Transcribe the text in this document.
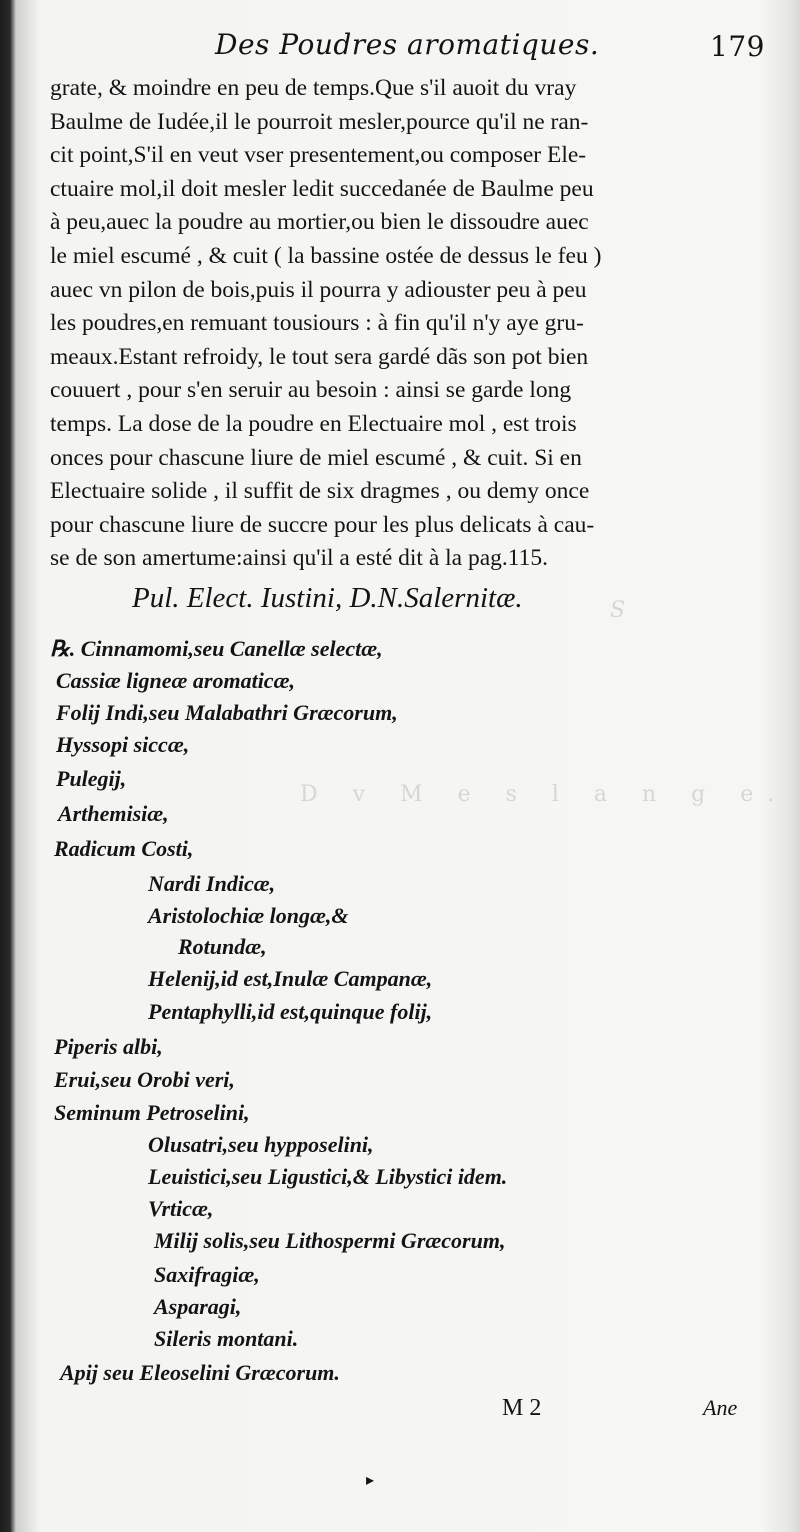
S
D v M e s l a n g e.
Des Poudres aromatiques.	179
grate, & moindre en peu de temps.Que s'il auoit du vray
Baulme de Iudée,il le pourroit mesler,pource qu'il ne ran-
cit point,S'il en veut vser presentement,ou composer Ele-
ctuaire mol,il doit mesler ledit succedanée de Baulme peu
à peu,auec la poudre au mortier,ou bien le dissoudre auec
le miel escumé , & cuit ( la bassine ostée de dessus le feu )
auec vn pilon de bois,puis il pourra y adiouster peu à peu
les poudres,en remuant tousiours : à fin qu'il n'y aye gru-
meaux.Estant refroidy, le tout sera gardé dãs son pot bien
couuert , pour s'en seruir au besoin : ainsi se garde long
temps. La dose de la poudre en Electuaire mol , est trois
onces pour chascune liure de miel escumé , & cuit. Si en
Electuaire solide , il suffit de six dragmes , ou demy once
pour chascune liure de succre pour les plus delicats à cau-
se de son amertume:ainsi qu'il a esté dit à la pag.115.
Pul. Elect. Iustini, D.N.Salernitæ.
℞. Cinnamomi,seu Canellæ selectæ,
Cassiæ ligneæ aromaticæ,
Folij Indi,seu Malabathri Græcorum,
Hyssopi siccæ,
Pulegij,
Arthemisiæ,
Radicum Costi,
Nardi Indicæ,
Aristolochiæ longæ,&
Rotundæ,
Helenij,id est,Inulæ Campanæ,
Pentaphylli,id est,quinque folij,
Piperis albi,
Erui,seu Orobi veri,
Seminum Petroselini,
Olusatri,seu hypposelini,
Leuistici,seu Ligustici,& Libystici idem.
Vrticæ,
Milij solis,seu Lithospermi Græcorum,
Saxifragiæ,
Asparagi,
Sileris montani.
Apij seu Eleoselini Græcorum.
M 2	Ane
▸
